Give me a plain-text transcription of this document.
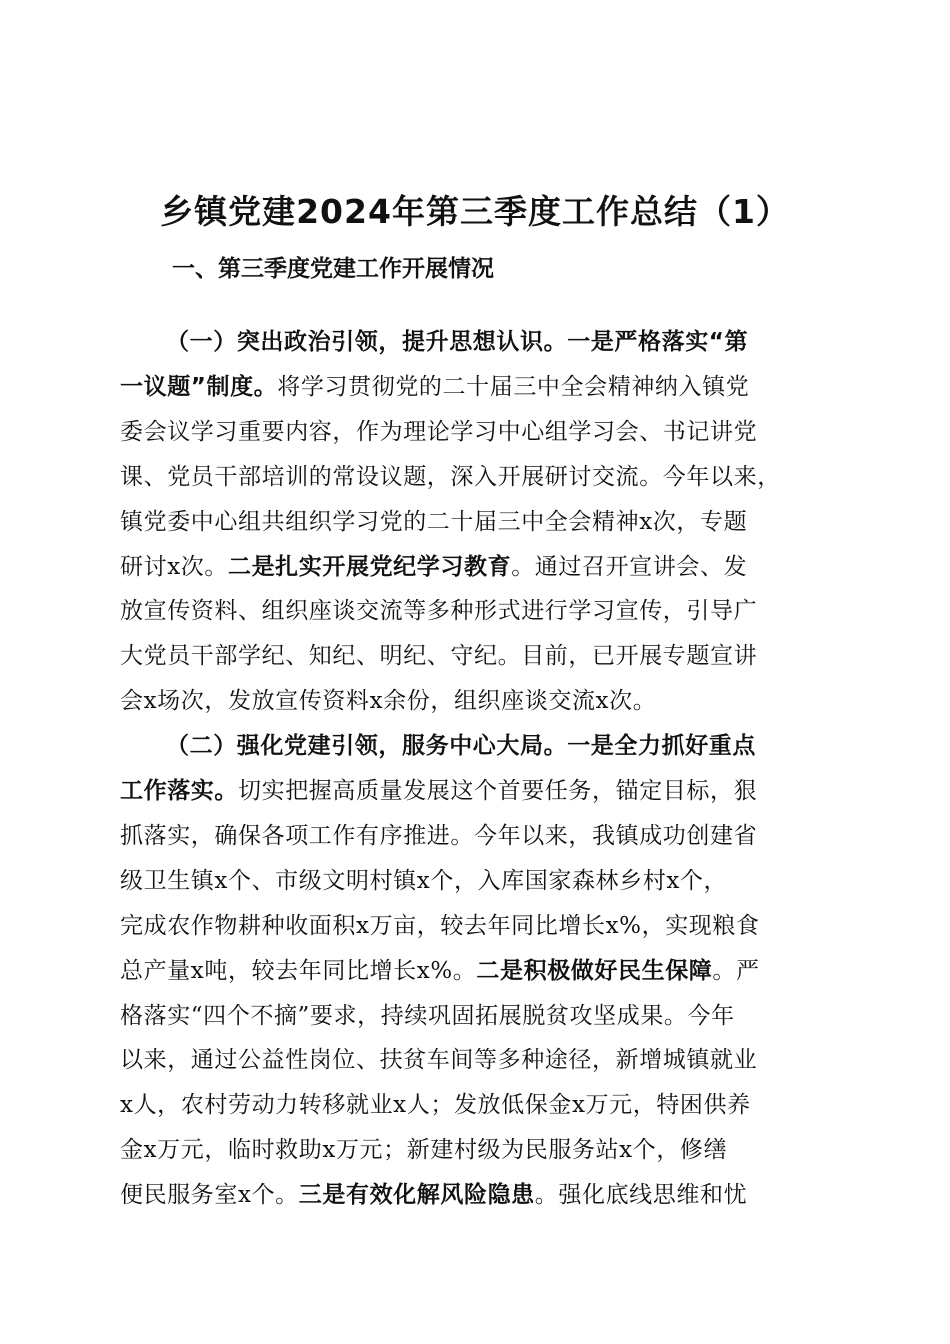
乡镇党建2024年第三季度工作总结（1）
一、第三季度党建工作开展情况
（一）突出政治引领，提升思想认识。一是严格落实“第
一议题”制度。将学习贯彻党的二十届三中全会精神纳入镇党
委会议学习重要内容，作为理论学习中心组学习会、书记讲党
课、党员干部培训的常设议题，深入开展研讨交流。今年以来，
镇党委中心组共组织学习党的二十届三中全会精神x次，专题
研讨x次。二是扎实开展党纪学习教育。通过召开宣讲会、发
放宣传资料、组织座谈交流等多种形式进行学习宣传，引导广
大党员干部学纪、知纪、明纪、守纪。目前，已开展专题宣讲
会x场次，发放宣传资料x余份，组织座谈交流x次。
（二）强化党建引领，服务中心大局。一是全力抓好重点
工作落实。切实把握高质量发展这个首要任务，锚定目标，狠
抓落实，确保各项工作有序推进。今年以来，我镇成功创建省
级卫生镇x个、市级文明村镇x个，入库国家森林乡村x个，
完成农作物耕种收面积x万亩，较去年同比增长x%，实现粮食
总产量x吨，较去年同比增长x%。二是积极做好民生保障。严
格落实“四个不摘”要求，持续巩固拓展脱贫攻坚成果。今年
以来，通过公益性岗位、扶贫车间等多种途径，新增城镇就业
x人，农村劳动力转移就业x人；发放低保金x万元，特困供养
金x万元，临时救助x万元；新建村级为民服务站x个，修缮
便民服务室x个。三是有效化解风险隐患。强化底线思维和忧
